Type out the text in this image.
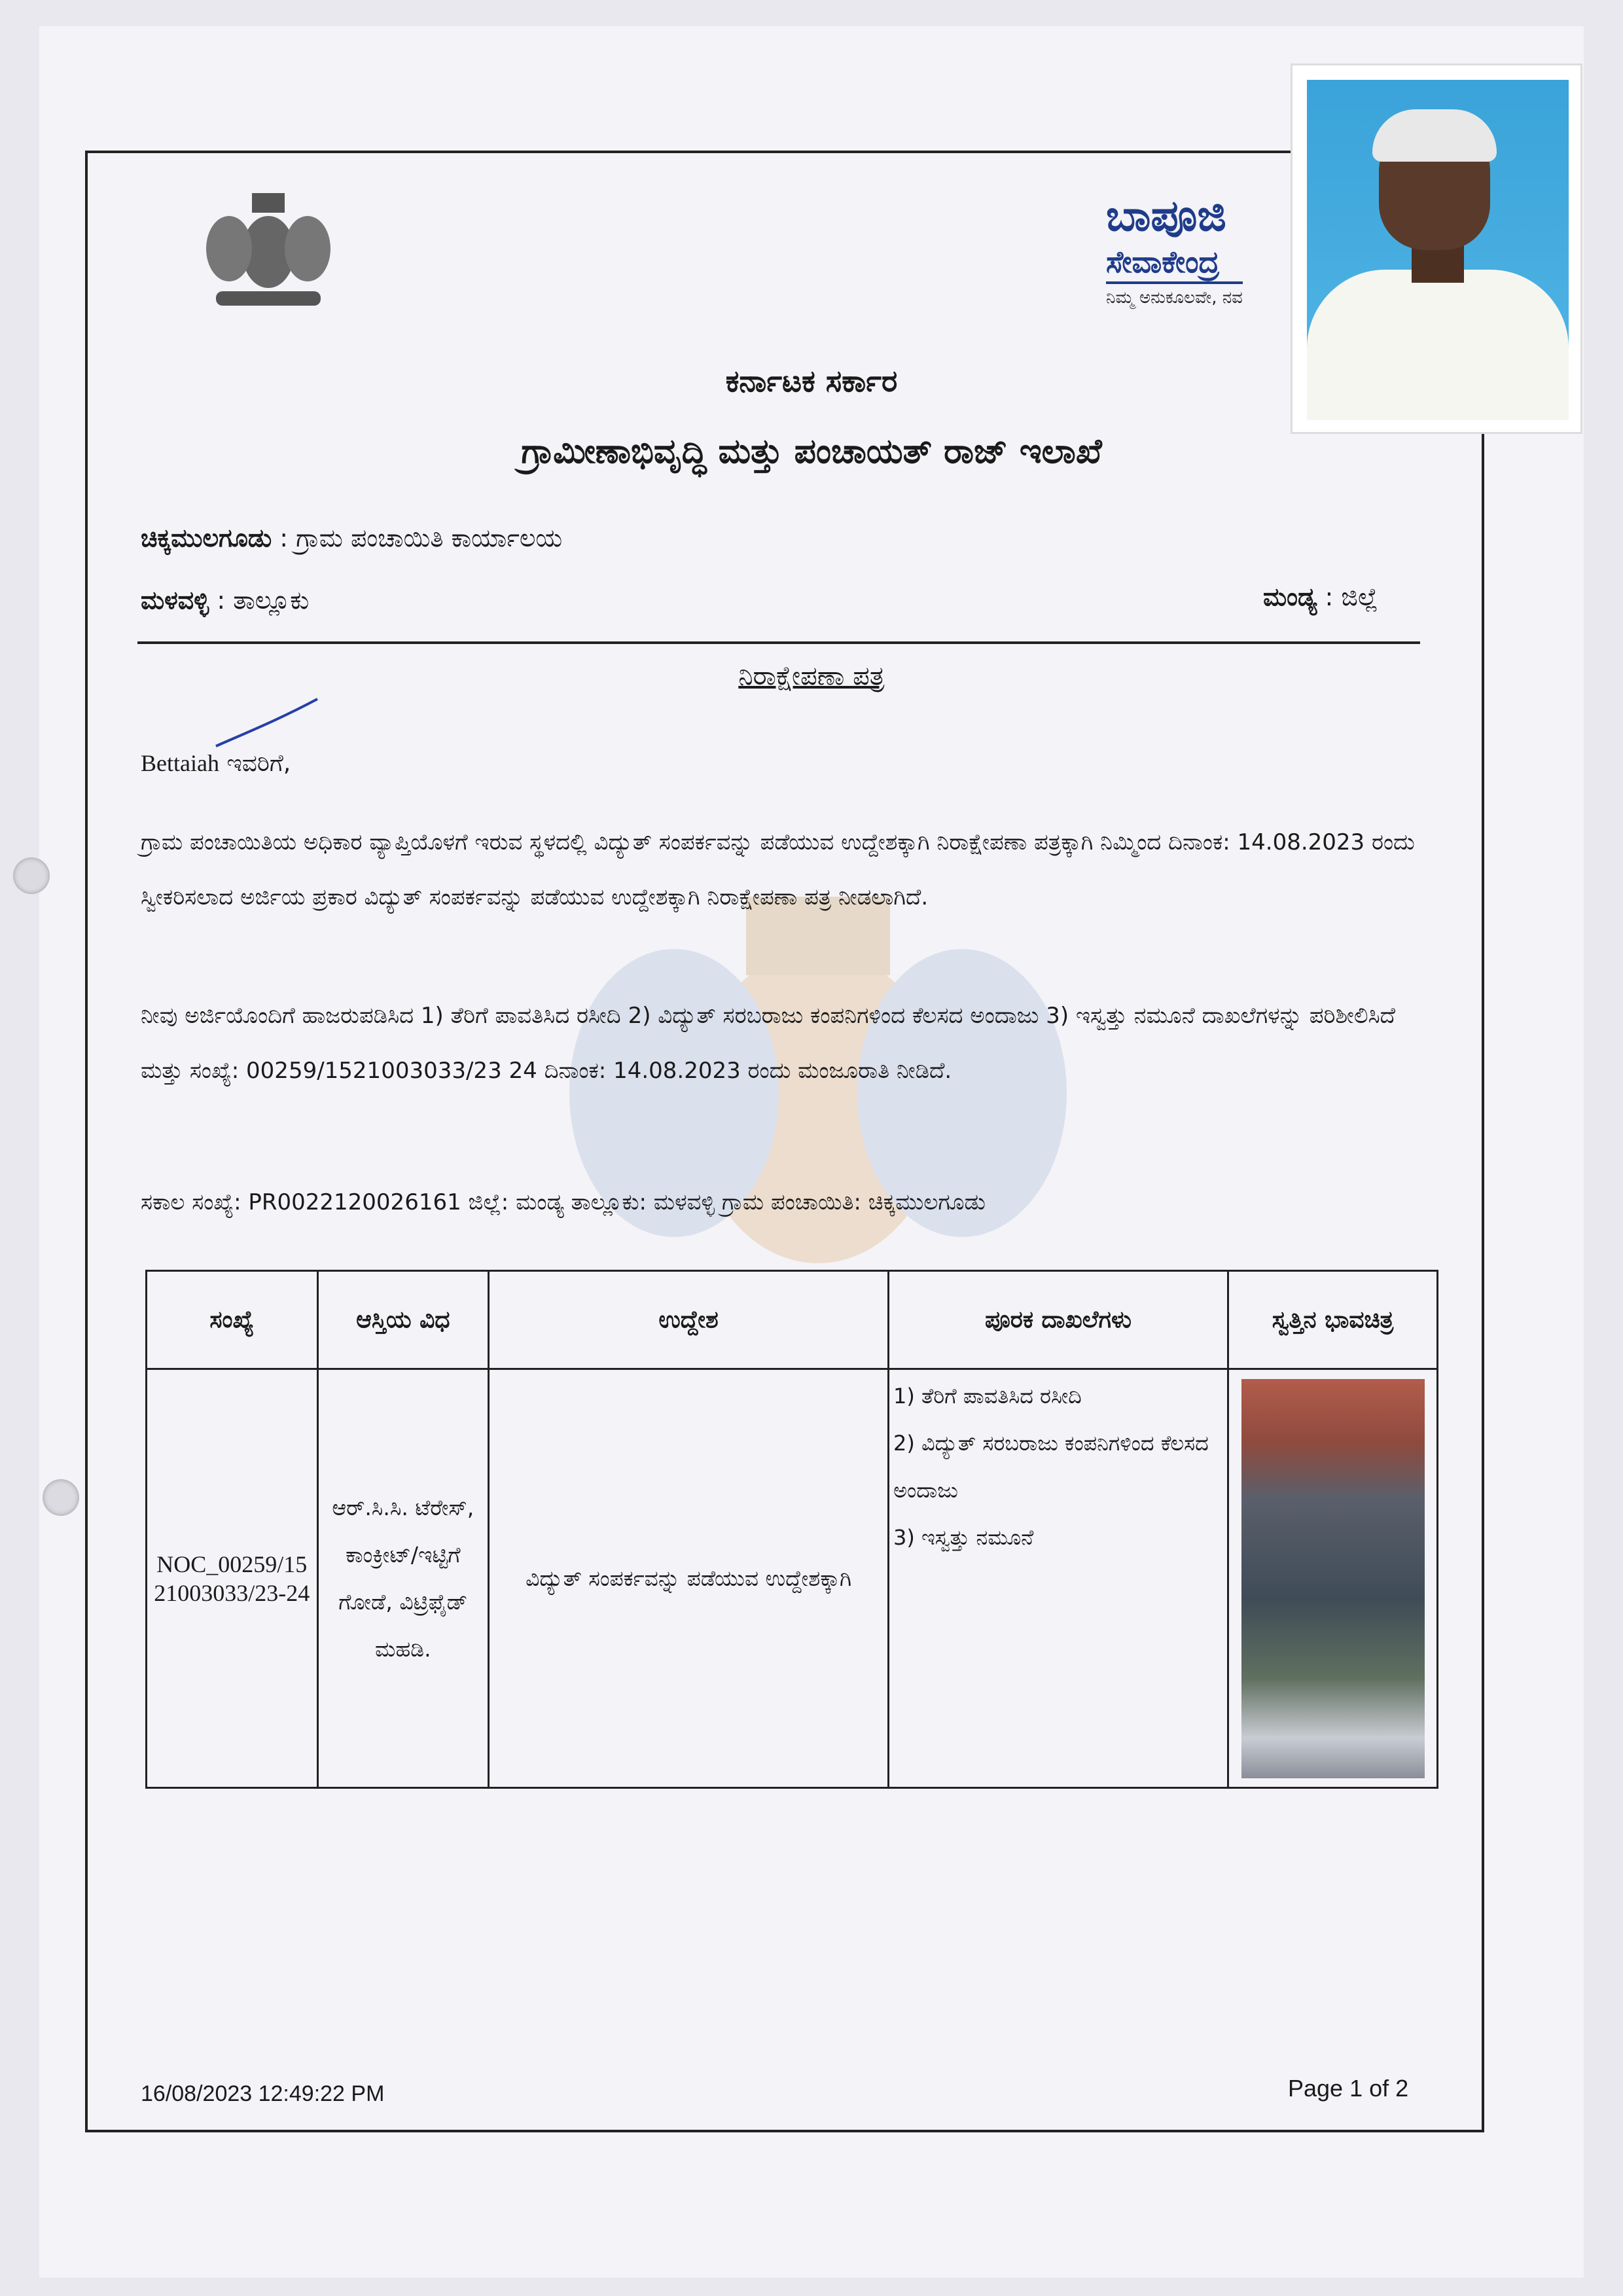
ಬಾಪೂಜಿ
ಸೇವಾಕೇಂದ್ರ
ನಿಮ್ಮ ಅನುಕೂಲವೇ, ನವ
ಕರ್ನಾಟಕ ಸರ್ಕಾರ
ಗ್ರಾಮೀಣಾಭಿವೃದ್ಧಿ ಮತ್ತು ಪಂಚಾಯತ್ ರಾಜ್ ಇಲಾಖೆ
ಚಿಕ್ಕಮುಲಗೂಡು : ಗ್ರಾಮ ಪಂಚಾಯಿತಿ ಕಾರ್ಯಾಲಯ
ಮಳವಳ್ಳಿ : ತಾಲ್ಲೂಕು	ಮಂಡ್ಯ : ಜಿಲ್ಲೆ
ನಿರಾಕ್ಷೇಪಣಾ ಪತ್ರ
Bettaiah ಇವರಿಗೆ,
ಗ್ರಾಮ ಪಂಚಾಯಿತಿಯ ಅಧಿಕಾರ ವ್ಯಾಪ್ತಿಯೊಳಗೆ ಇರುವ ಸ್ಥಳದಲ್ಲಿ ವಿದ್ಯುತ್ ಸಂಪರ್ಕವನ್ನು ಪಡೆಯುವ ಉದ್ದೇಶಕ್ಕಾಗಿ ನಿರಾಕ್ಷೇಪಣಾ ಪತ್ರಕ್ಕಾಗಿ ನಿಮ್ಮಿಂದ ದಿನಾಂಕ: 14.08.2023 ರಂದು ಸ್ವೀಕರಿಸಲಾದ ಅರ್ಜಿಯ ಪ್ರಕಾರ ವಿದ್ಯುತ್ ಸಂಪರ್ಕವನ್ನು ಪಡೆಯುವ ಉದ್ದೇಶಕ್ಕಾಗಿ ನಿರಾಕ್ಷೇಪಣಾ ಪತ್ರ ನೀಡಲಾಗಿದೆ.
ನೀವು ಅರ್ಜಿಯೊಂದಿಗೆ ಹಾಜರುಪಡಿಸಿದ 1) ತೆರಿಗೆ ಪಾವತಿಸಿದ ರಸೀದಿ 2) ವಿದ್ಯುತ್ ಸರಬರಾಜು ಕಂಪನಿಗಳಿಂದ ಕೆಲಸದ ಅಂದಾಜು 3) ಇಸ್ವತ್ತು ನಮೂನೆ ದಾಖಲೆಗಳನ್ನು ಪರಿಶೀಲಿಸಿದೆ ಮತ್ತು ಸಂಖ್ಯೆ: 00259/1521003033/23 24 ದಿನಾಂಕ: 14.08.2023 ರಂದು ಮಂಜೂರಾತಿ ನೀಡಿದೆ.
ಸಕಾಲ ಸಂಖ್ಯೆ: PR0022120026161 ಜಿಲ್ಲೆ: ಮಂಡ್ಯ ತಾಲ್ಲೂಕು: ಮಳವಳ್ಳಿ ಗ್ರಾಮ ಪಂಚಾಯಿತಿ: ಚಿಕ್ಕಮುಲಗೂಡು
ಸಂಖ್ಯೆ	ಆಸ್ತಿಯ ವಿಧ	ಉದ್ದೇಶ	ಪೂರಕ ದಾಖಲೆಗಳು	ಸ್ವತ್ತಿನ ಭಾವಚಿತ್ರ
NOC_00259/1521003033/23-24	ಆರ್.ಸಿ.ಸಿ. ಟೆರೇಸ್, ಕಾಂಕ್ರೀಟ್/ಇಟ್ಟಿಗೆ ಗೋಡೆ, ವಿಟ್ರಿಫೈಡ್ ಮಹಡಿ.	ವಿದ್ಯುತ್ ಸಂಪರ್ಕವನ್ನು ಪಡೆಯುವ ಉದ್ದೇಶಕ್ಕಾಗಿ	1) ತೆರಿಗೆ ಪಾವತಿಸಿದ ರಸೀದಿ
2) ವಿದ್ಯುತ್ ಸರಬರಾಜು ಕಂಪನಿಗಳಿಂದ ಕೆಲಸದ ಅಂದಾಜು
3) ಇಸ್ವತ್ತು ನಮೂನೆ	

16/08/2023 12:49:22 PM	Page 1 of 2
